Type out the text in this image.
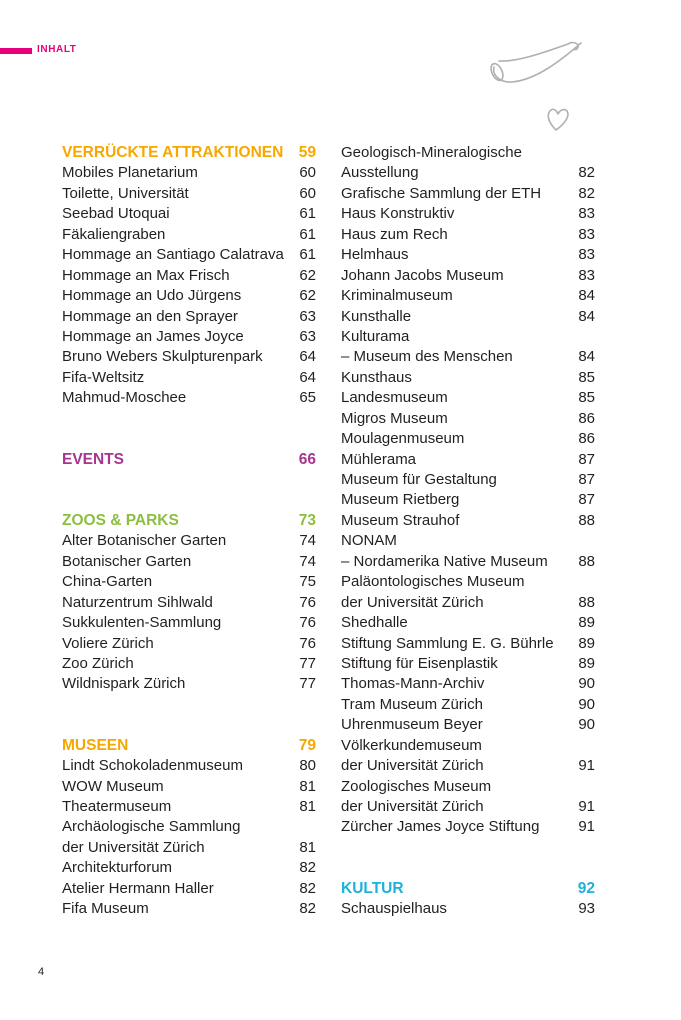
INHALT
VERRÜCKTE ATTRAKTIONEN 59
Mobiles Planetarium	60
Toilette, Universität	60
Seebad Utoquai	61
Fäkaliengraben	61
Hommage an Santiago Calatrava 61
Hommage an Max Frisch	62
Hommage an Udo Jürgens	62
Hommage an den Sprayer	63
Hommage an James Joyce	63
Bruno Webers Skulpturenpark 64
Fifa-Weltsitz	64
Mahmud-Moschee	65
EVENTS	66
ZOOS & PARKS	73
Alter Botanischer Garten	74
Botanischer Garten	74
China-Garten	75
Naturzentrum Sihlwald	76
Sukkulenten-Sammlung	76
Voliere Zürich	76
Zoo Zürich	77
Wildnispark Zürich	77
MUSEEN	79
Lindt Schokoladenmuseum	80
WOW Museum	81
Theatermuseum	81
Archäologische Sammlung
der Universität Zürich	81
Architekturforum	82
Atelier Hermann Haller	82
Fifa Museum	82
Geologisch-Mineralogische
Ausstellung	82
Grafische Sammlung der ETH 82
Haus Konstruktiv	83
Haus zum Rech	83
Helmhaus	83
Johann Jacobs Museum	83
Kriminalmuseum	84
Kunsthalle	84
Kulturama
– Museum des Menschen	84
Kunsthaus	85
Landesmuseum	85
Migros Museum	86
Moulagenmuseum	86
Mühlerama	87
Museum für Gestaltung	87
Museum Rietberg	87
Museum Strauhof	88
NONAM
– Nordamerika Native Museum 88
Paläontologisches Museum
der Universität Zürich	88
Shedhalle	89
Stiftung Sammlung E. G. Bührle 89
Stiftung für Eisenplastik	89
Thomas-Mann-Archiv	90
Tram Museum Zürich	90
Uhrenmuseum Beyer	90
Völkerkundemuseum
der Universität Zürich	91
Zoologisches Museum
der Universität Zürich	91
Zürcher James Joyce Stiftung	91
KULTUR	92
Schauspielhaus	93
4
